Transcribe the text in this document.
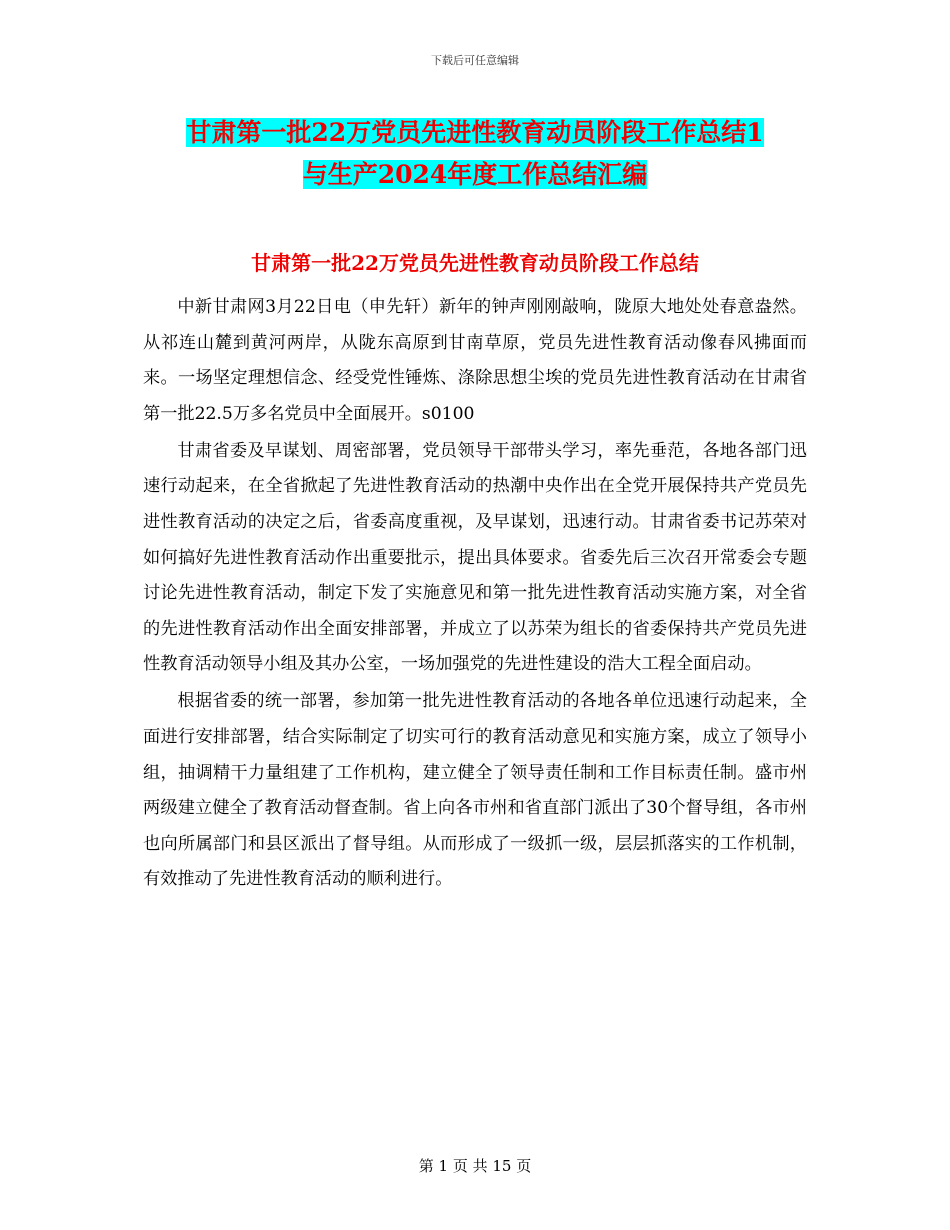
下载后可任意编辑
甘肃第一批22万党员先进性教育动员阶段工作总结1
与生产2024年度工作总结汇编
甘肃第一批22万党员先进性教育动员阶段工作总结

中新甘肃网3月22日电（申先轩）新年的钟声刚刚敲响，陇原大地处处春意盎然。从祁连山麓到黄河两岸，从陇东高原到甘南草原，党员先进性教育活动像春风拂面而来。一场坚定理想信念、经受党性锤炼、涤除思想尘埃的党员先进性教育活动在甘肃省第一批22.5万多名党员中全面展开。s0100

甘肃省委及早谋划、周密部署，党员领导干部带头学习，率先垂范，各地各部门迅速行动起来，在全省掀起了先进性教育活动的热潮中央作出在全党开展保持共产党员先进性教育活动的决定之后，省委高度重视，及早谋划，迅速行动。甘肃省委书记苏荣对如何搞好先进性教育活动作出重要批示，提出具体要求。省委先后三次召开常委会专题讨论先进性教育活动，制定下发了实施意见和第一批先进性教育活动实施方案，对全省的先进性教育活动作出全面安排部署，并成立了以苏荣为组长的省委保持共产党员先进性教育活动领导小组及其办公室，一场加强党的先进性建设的浩大工程全面启动。

根据省委的统一部署，参加第一批先进性教育活动的各地各单位迅速行动起来，全面进行安排部署，结合实际制定了切实可行的教育活动意见和实施方案，成立了领导小组，抽调精干力量组建了工作机构，建立健全了领导责任制和工作目标责任制。盛市州两级建立健全了教育活动督查制。省上向各市州和省直部门派出了30个督导组，各市州也向所属部门和县区派出了督导组。从而形成了一级抓一级，层层抓落实的工作机制，有效推动了先进性教育活动的顺利进行。

第 1 页 共 15 页
